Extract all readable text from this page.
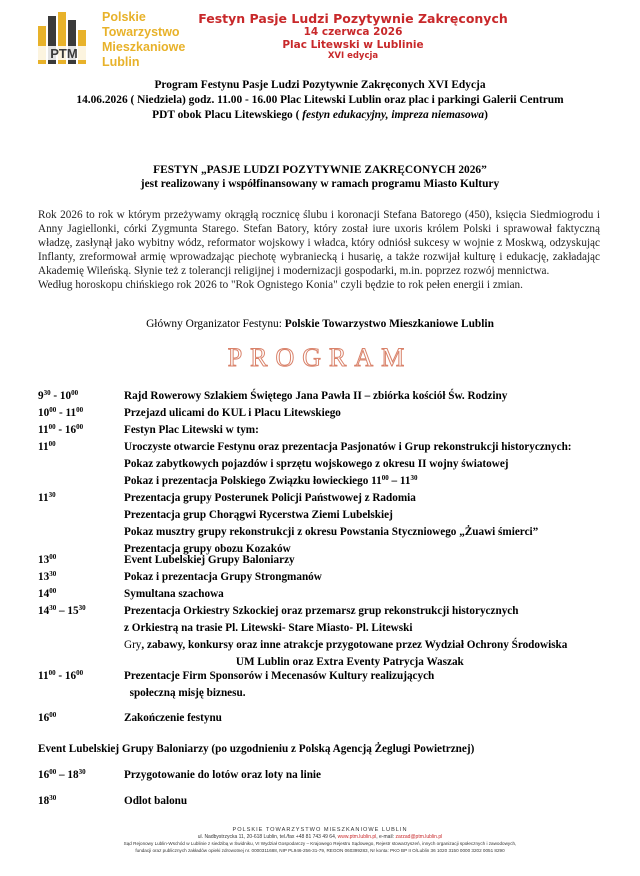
PTM
Polskie
Towarzystwo
Mieszkaniowe
Lublin
Festyn Pasje Ludzi Pozytywnie Zakręconych
14 czerwca 2026
Plac Litewski w Lublinie
XVI edycja
Program Festynu Pasje Ludzi Pozytywnie Zakręconych XVI Edycja
14.06.2026 ( Niedziela) godz. 11.00 - 16.00 Plac Litewski Lublin oraz plac i parkingi Galerii Centrum
PDT obok Placu Litewskiego ( festyn edukacyjny, impreza niemasowa)
FESTYN „PASJE LUDZI POZYTYWNIE ZAKRĘCONYCH 2026”
jest realizowany i współfinansowany w ramach programu Miasto Kultury
Rok 2026 to rok w którym przeżywamy okrągłą rocznicę ślubu i koronacji Stefana Batorego (450), księcia Siedmiogrodu i Anny Jagiellonki, córki Zygmunta Starego. Stefan Batory, który został iure uxoris królem Polski i sprawował faktyczną władzę, zasłynął jako wybitny wódz, reformator wojskowy i władca, który odniósł sukcesy w wojnie z Moskwą, odzyskując Inflanty, zreformował armię wprowadzając piechotę wybraniecką i husarię, a także rozwijał kulturę i edukację, zakładając Akademię Wileńską. Słynie też z tolerancji religijnej i modernizacji gospodarki, m.in. poprzez rozwój mennictwa.
Według horoskopu chińskiego rok 2026 to "Rok Ognistego Konia" czyli będzie to rok pełen energii i zmian.
Główny Organizator Festynu: Polskie Towarzystwo Mieszkaniowe Lublin
PROGRAM
$9^{30} - 10^{00}$	Rajd Rowerowy Szlakiem Świętego Jana Pawła II – zbiórka kościół Św. Rodziny
$10^{00} - 11^{00}$	Przejazd ulicami do KUL i Placu Litewskiego
$11^{00} - 16^{00}$	Festyn Plac Litewski w tym:
$11^{00}$	Uroczyste otwarcie Festynu oraz prezentacja Pasjonatów i Grup rekonstrukcji historycznych:
Pokaz zabytkowych pojazdów i sprzętu wojskowego z okresu II wojny światowej
Pokaz i prezentacja Polskiego Związku łowieckiego $11^{00} - 11^{30}$
$11^{30}$	Prezentacja grupy Posterunek Policji Państwowej z Radomia
Prezentacja grup Chorągwi Rycerstwa Ziemi Lubelskiej
Pokaz musztry grupy rekonstrukcji z okresu Powstania Styczniowego „Żuawi śmierci”
Prezentacja grupy obozu Kozaków
$13^{00}$	Event Lubelskiej Grupy Baloniarzy
$13^{30}$	Pokaz i prezentacja Grupy Strongmanów
$14^{00}$	Symultana szachowa
$14^{30} - 15^{30}$	Prezentacja Orkiestry Szkockiej oraz przemarsz grup rekonstrukcji historycznych
z Orkiestrą na trasie Pl. Litewski- Stare Miasto- Pl. Litewski
Gry, zabawy, konkursy oraz inne atrakcje przygotowane przez Wydział Ochrony Środowiska
UM Lublin oraz Extra Eventy Patrycja Waszak
$11^{00} - 16^{00}$	Prezentacje Firm Sponsorów i Mecenasów Kultury realizujących
społeczną misję biznesu.
$16^{00}$	Zakończenie festynu
Event Lubelskiej Grupy Baloniarzy (po uzgodnieniu z Polską Agencją Żeglugi Powietrznej)
$16^{00} - 18^{30}$	Przygotowanie do lotów oraz loty na linie
$18^{30}$	Odlot balonu
POLSKIE TOWARZYSTWO MIESZKANIOWE LUBLIN
ul. Nadbystrzycka 11, 20-618 Lublin, tel./fax +48 81 743 49 64, www.ptm.lublin.pl, e-mail: zarzad@ptm.lublin.pl
Sąd Rejonowy Lublin-Wschód w Lublinie z siedzibą w Świdniku, VI Wydział Gospodarczy – Krajowego Rejestru Sądowego, Rejestr stowarzyszeń, innych organizacji społecznych i zawodowych,
fundacji oraz publicznych zakładów opieki zdrowotnej nr. 0000311688, NIP PL946-256-31-79, REGON 060399283, Nr konta: PKO BP II O/Lublin 36 1020 3150 0000 3202 0051 8290
